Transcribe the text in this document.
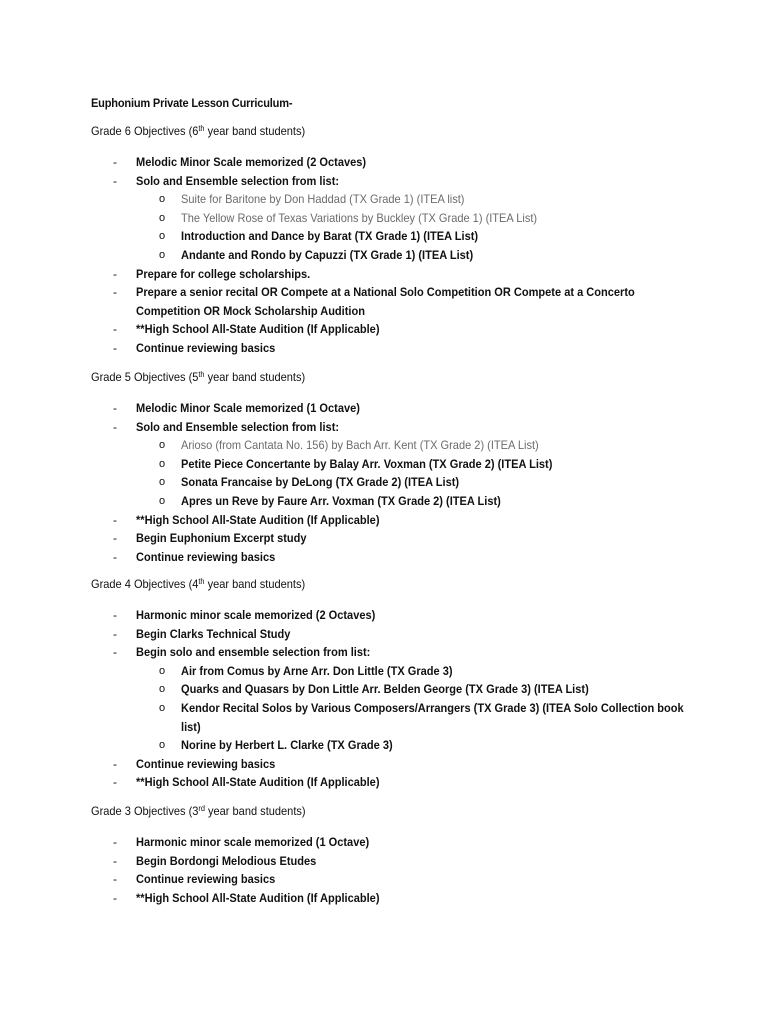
Euphonium Private Lesson Curriculum-
Grade 6 Objectives (6th year band students)
- Melodic Minor Scale memorized (2 Octaves)
- Solo and Ensemble selection from list:
o Suite for Baritone by Don Haddad (TX Grade 1) (ITEA list)
o The Yellow Rose of Texas Variations by Buckley (TX Grade 1) (ITEA List)
o Introduction and Dance by Barat (TX Grade 1) (ITEA List)
o Andante and Rondo by Capuzzi (TX Grade 1) (ITEA List)
- Prepare for college scholarships.
- Prepare a senior recital OR Compete at a National Solo Competition OR Compete at a Concerto Competition OR Mock Scholarship Audition
- **High School All-State Audition (If Applicable)
- Continue reviewing basics
Grade 5 Objectives (5th year band students)
- Melodic Minor Scale memorized (1 Octave)
- Solo and Ensemble selection from list:
o Arioso (from Cantata No. 156) by Bach Arr. Kent (TX Grade 2) (ITEA List)
o Petite Piece Concertante by Balay Arr. Voxman (TX Grade 2) (ITEA List)
o Sonata Francaise by DeLong (TX Grade 2) (ITEA List)
o Apres un Reve by Faure Arr. Voxman (TX Grade 2) (ITEA List)
- **High School All-State Audition (If Applicable)
- Begin Euphonium Excerpt study
- Continue reviewing basics
Grade 4 Objectives (4th year band students)
- Harmonic minor scale memorized (2 Octaves)
- Begin Clarks Technical Study
- Begin solo and ensemble selection from list:
o Air from Comus by Arne Arr. Don Little (TX Grade 3)
o Quarks and Quasars by Don Little Arr. Belden George (TX Grade 3) (ITEA List)
o Kendor Recital Solos by Various Composers/Arrangers (TX Grade 3) (ITEA Solo Collection book list)
o Norine by Herbert L. Clarke (TX Grade 3)
- Continue reviewing basics
- **High School All-State Audition (If Applicable)
Grade 3 Objectives (3rd year band students)
- Harmonic minor scale memorized (1 Octave)
- Begin Bordongi Melodious Etudes
- Continue reviewing basics
- **High School All-State Audition (If Applicable)
